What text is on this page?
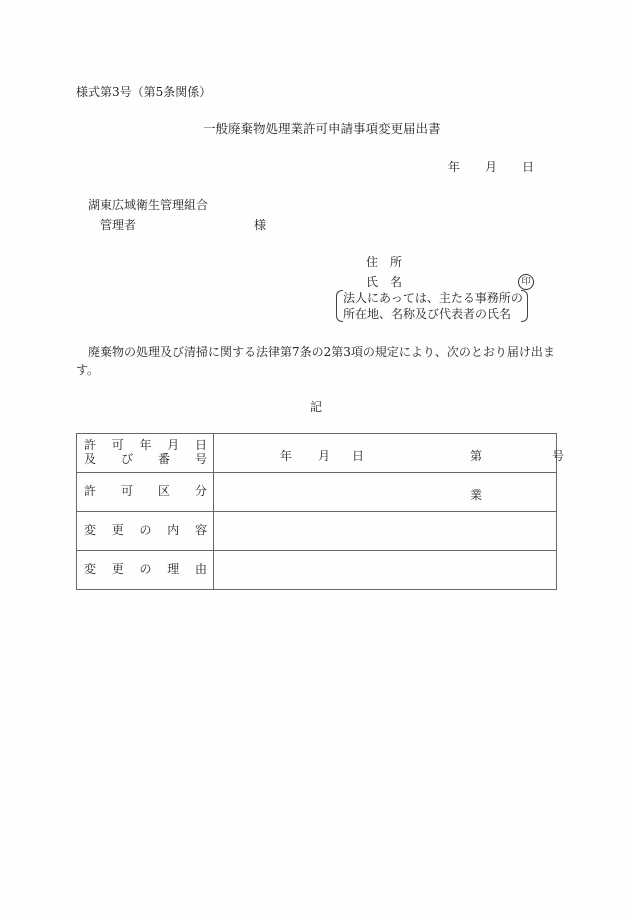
様式第3号（第5条関係）
一般廃棄物処理業許可申請事項変更届出書
年 月 日
湖東広域衛生管理組合
管理者	様
住　所
氏　名	印
法人にあっては、主たる事務所の
所在地、名称及び代表者の氏名
廃棄物の処理及び清掃に関する法律第7条の2第3項の規定により、次のとおり届け出ます。
記
許 可 年 月 日
及 び 番 号	年 月 日	第	号

許 可 区 分	業

変 更 の 内 容	

変 更 の 理 由	
